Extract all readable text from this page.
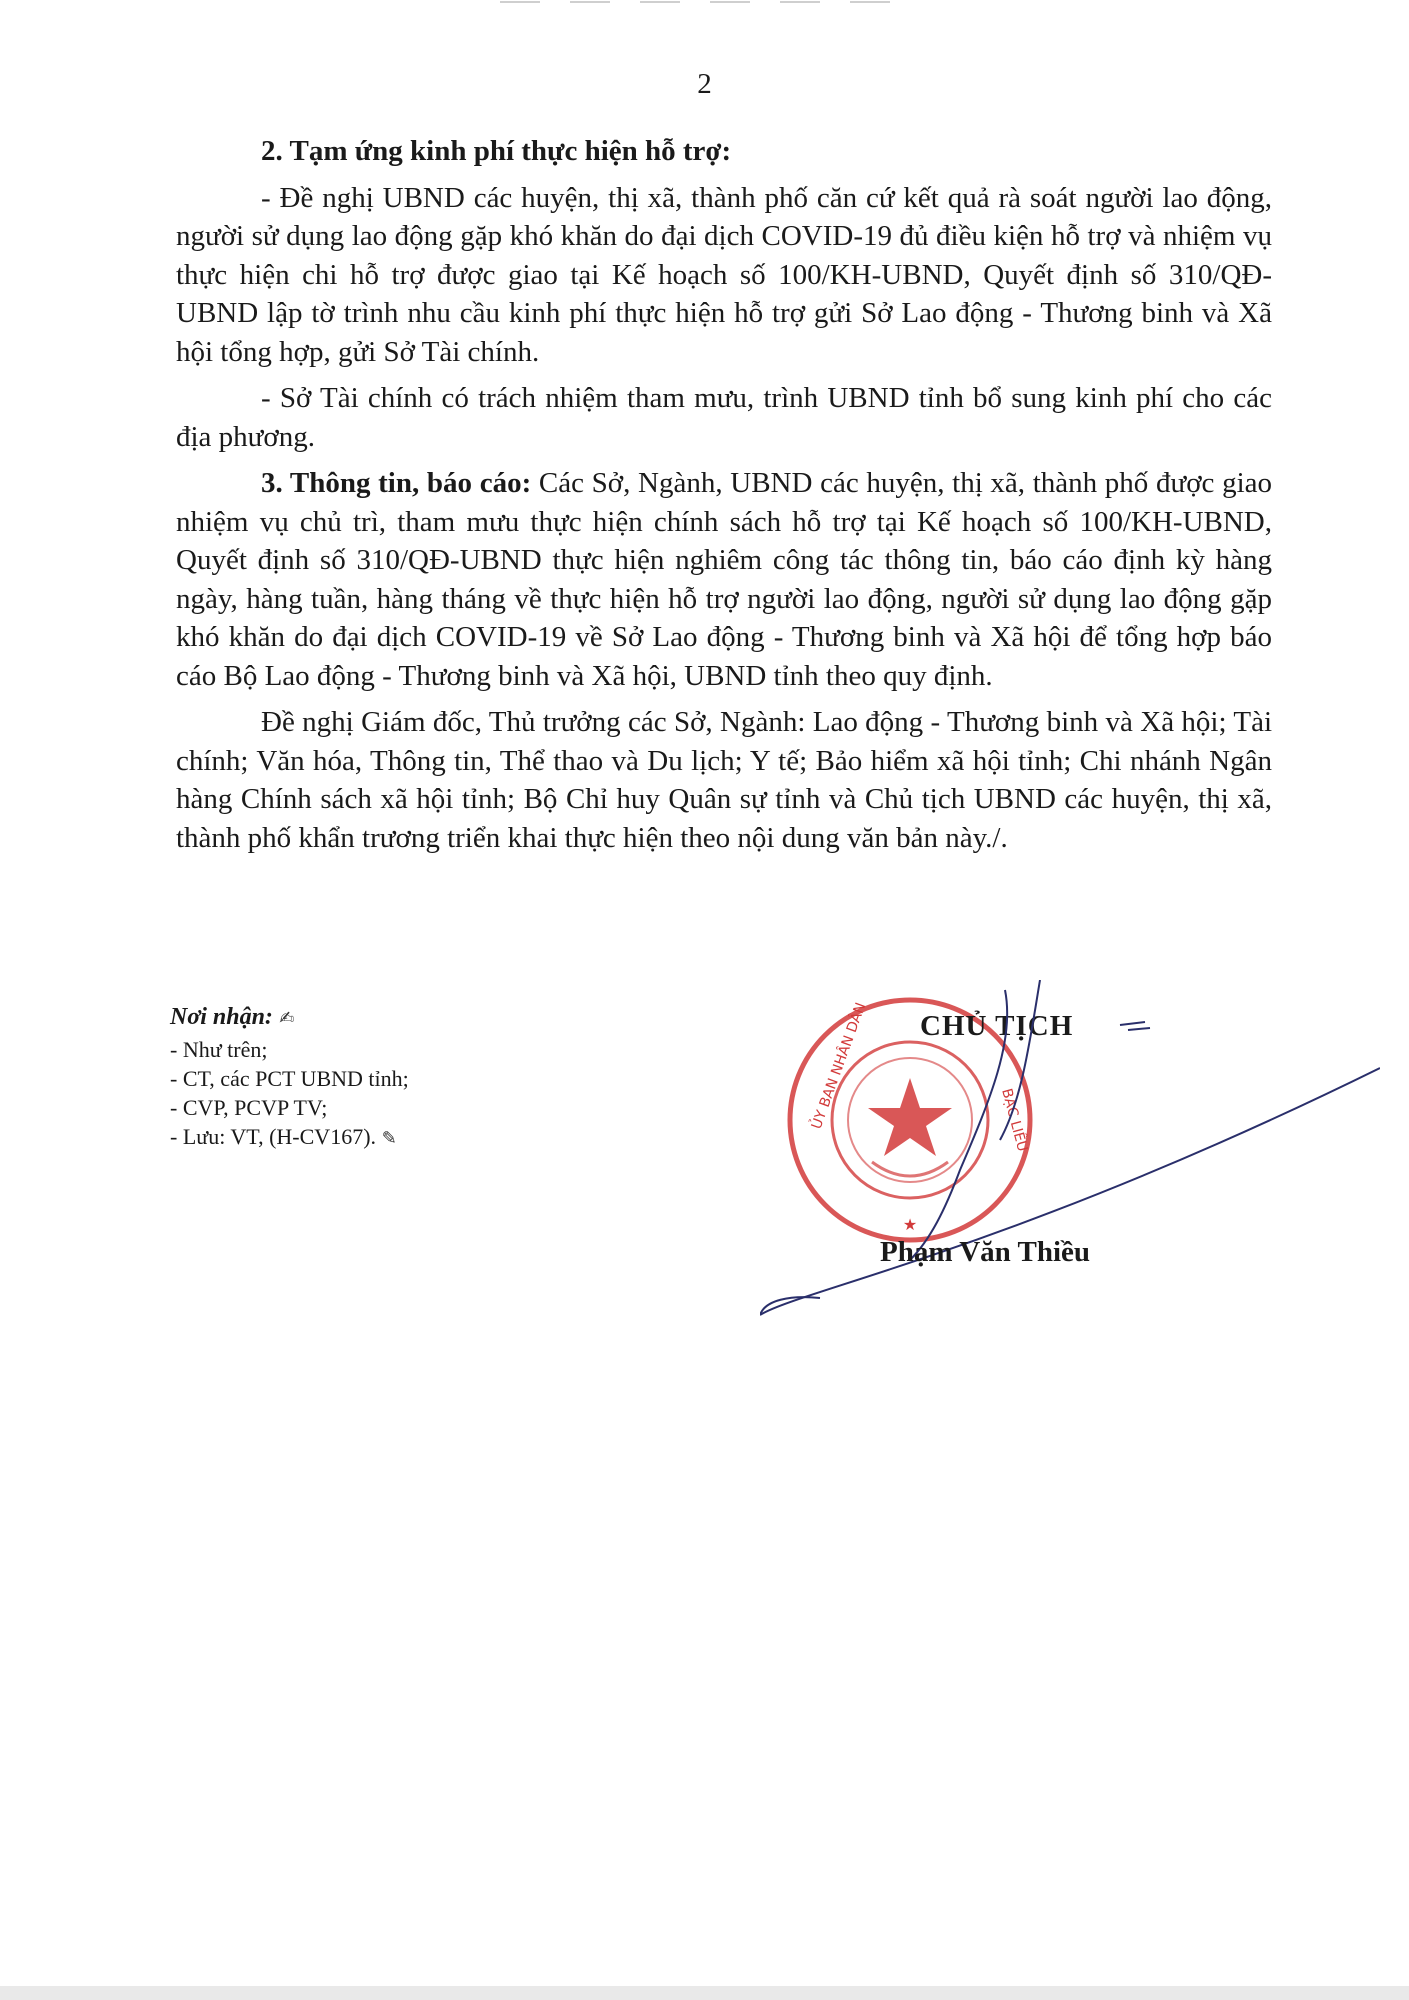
2

2. Tạm ứng kinh phí thực hiện hỗ trợ:

- Đề nghị UBND các huyện, thị xã, thành phố căn cứ kết quả rà soát người lao động, người sử dụng lao động gặp khó khăn do đại dịch COVID-19 đủ điều kiện hỗ trợ và nhiệm vụ thực hiện chi hỗ trợ được giao tại Kế hoạch số 100/KH-UBND, Quyết định số 310/QĐ-UBND lập tờ trình nhu cầu kinh phí thực hiện hỗ trợ gửi Sở Lao động - Thương binh và Xã hội tổng hợp, gửi Sở Tài chính.

- Sở Tài chính có trách nhiệm tham mưu, trình UBND tỉnh bổ sung kinh phí cho các địa phương.

3. Thông tin, báo cáo: Các Sở, Ngành, UBND các huyện, thị xã, thành phố được giao nhiệm vụ chủ trì, tham mưu thực hiện chính sách hỗ trợ tại Kế hoạch số 100/KH-UBND, Quyết định số 310/QĐ-UBND thực hiện nghiêm công tác thông tin, báo cáo định kỳ hàng ngày, hàng tuần, hàng tháng về thực hiện hỗ trợ người lao động, người sử dụng lao động gặp khó khăn do đại dịch COVID-19 về Sở Lao động - Thương binh và Xã hội để tổng hợp báo cáo Bộ Lao động - Thương binh và Xã hội, UBND tỉnh theo quy định.

Đề nghị Giám đốc, Thủ trưởng các Sở, Ngành: Lao động - Thương binh và Xã hội; Tài chính; Văn hóa, Thông tin, Thể thao và Du lịch; Y tế; Bảo hiểm xã hội tỉnh; Chi nhánh Ngân hàng Chính sách xã hội tỉnh; Bộ Chỉ huy Quân sự tỉnh và Chủ tịch UBND các huyện, thị xã, thành phố khẩn trương triển khai thực hiện theo nội dung văn bản này./.

Nơi nhận: ✍
- Như trên;
- CT, các PCT UBND tỉnh;
- CVP, PCVP TV;
- Lưu: VT, (H-CV167). ✎
★
ỦY BAN NHÂN DÂN	BẠC LIÊU
CHỦ TỊCH
Phạm Văn Thiều
